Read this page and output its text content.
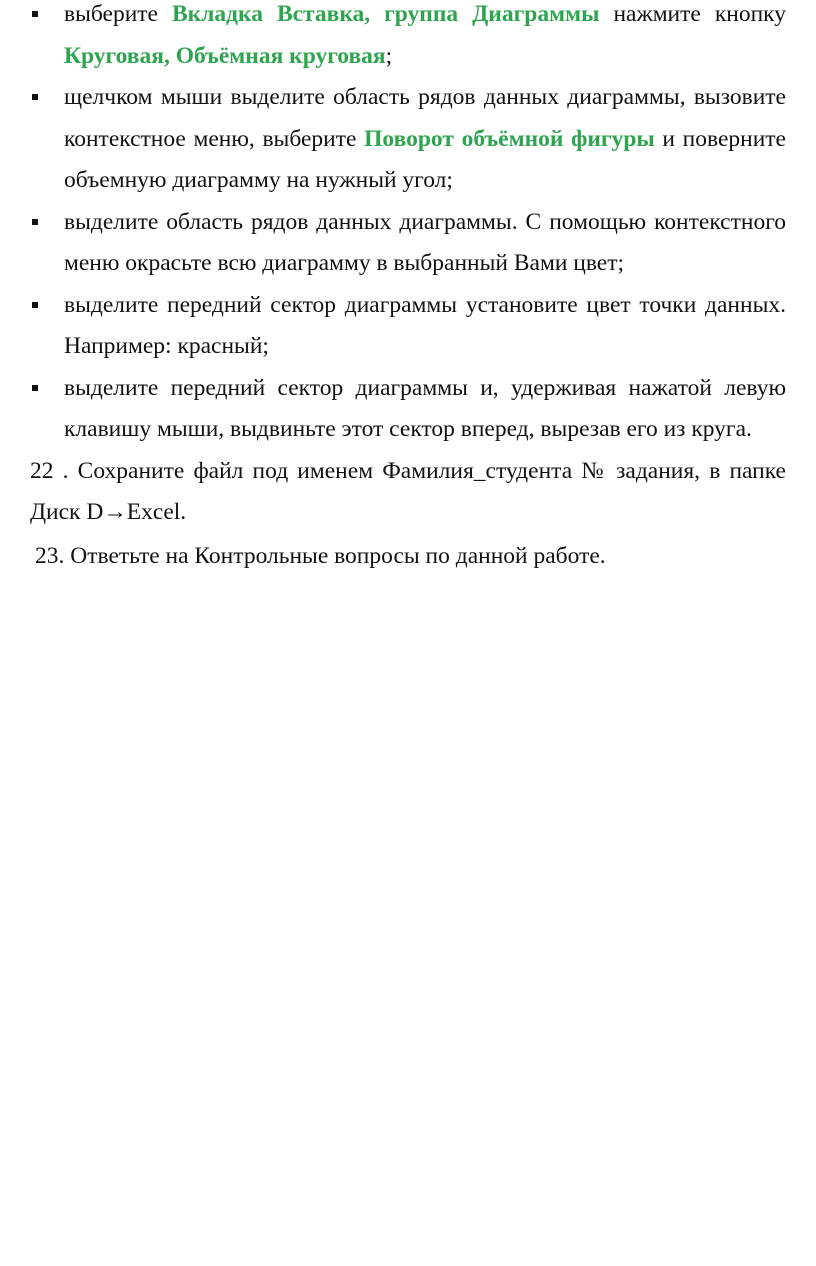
выберите Вкладка Вставка, группа Диаграммы нажмите кнопку Круговая, Объёмная круговая;
щелчком мыши выделите область рядов данных диаграммы, вызовите контекстное меню, выберите Поворот объёмной фигуры и поверните объемную диаграмму на нужный угол;
выделите область рядов данных диаграммы. С помощью контекстного меню окрасьте всю диаграмму в выбранный Вами цвет;
выделите передний сектор диаграммы установите цвет точки данных. Например: красный;
выделите передний сектор диаграммы и, удерживая нажатой левую клавишу мыши, выдвиньте этот сектор вперед, вырезав его из круга.

22 . Сохраните файл под именем Фамилия_студента № задания, в папке Диск D→Excel.

23. Ответьте на Контрольные вопросы по данной работе.
